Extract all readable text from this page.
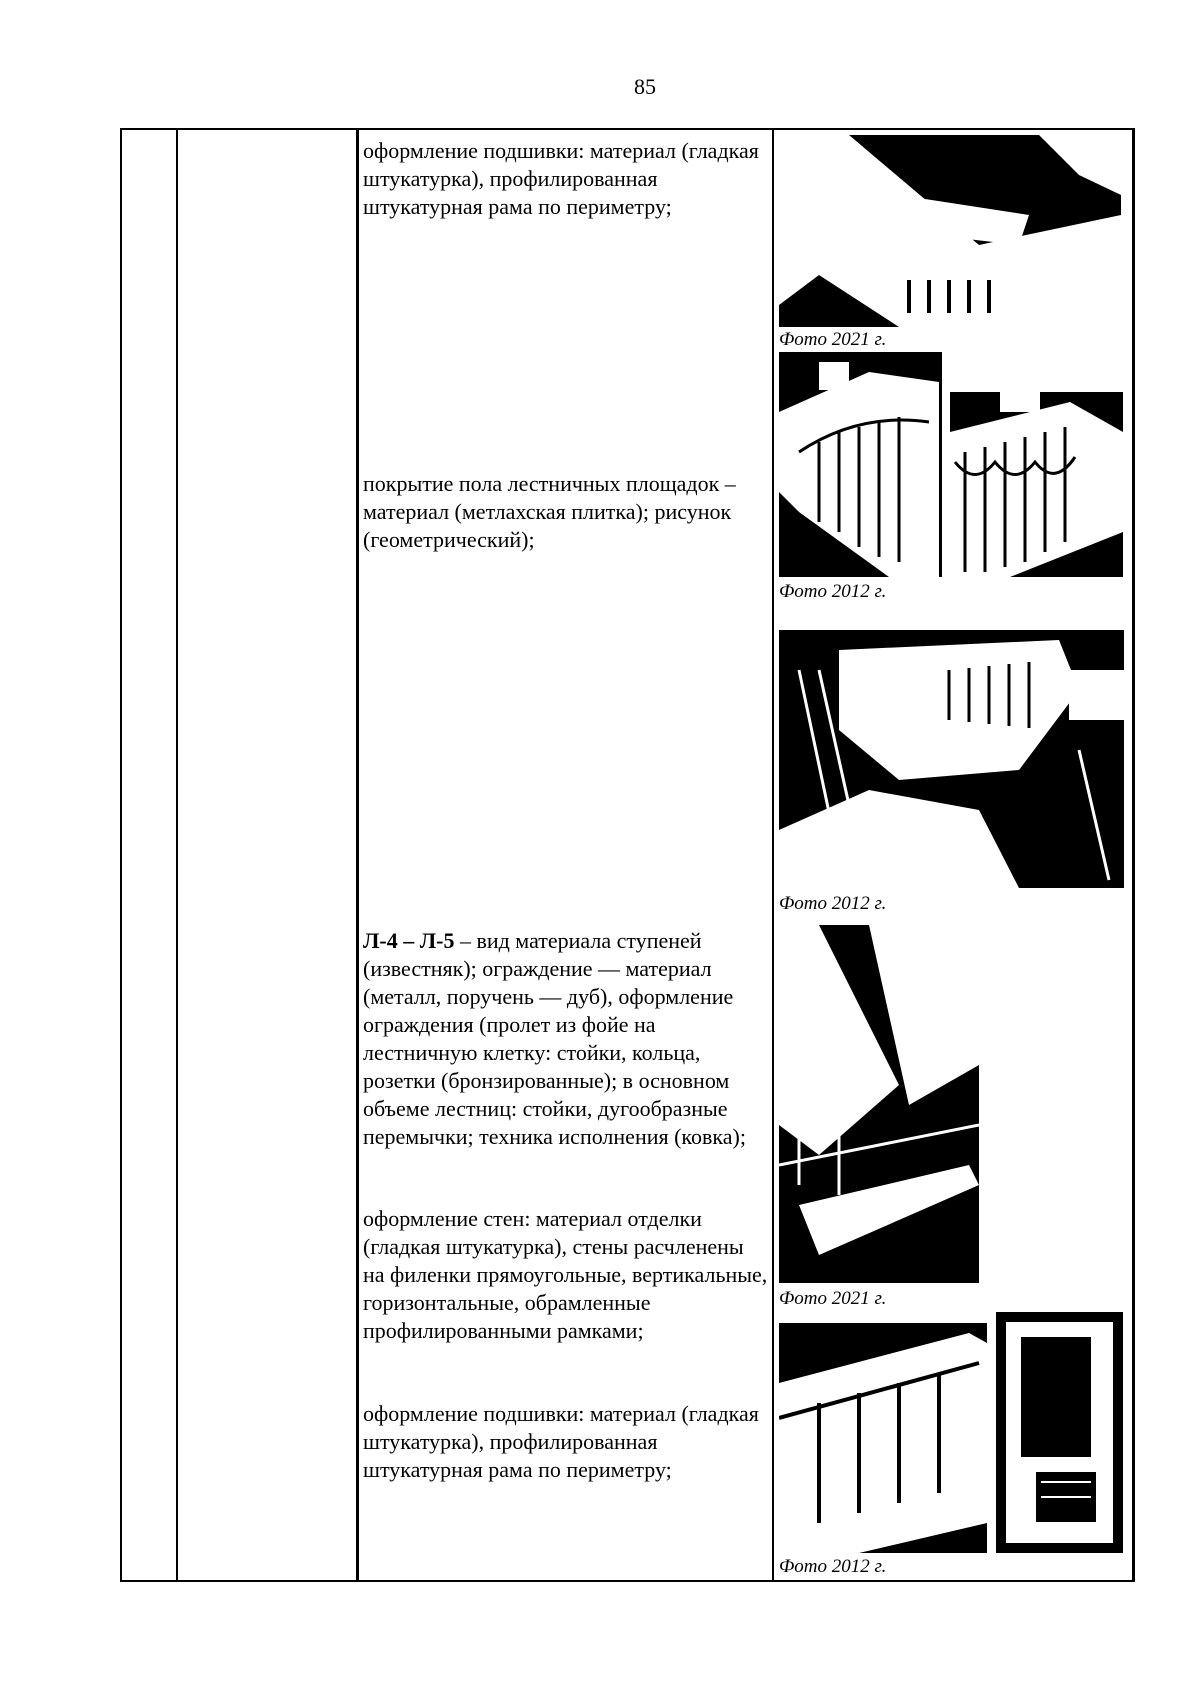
85

оформление подшивки: материал (гладкая штукатурка), профилированная штукатурная рама по периметру;

покрытие пола лестничных площадок – материал (метлахская плитка); рисунок (геометрический);

Л-4 – Л-5 – вид материала ступеней (известняк); ограждение — материал (металл, поручень — дуб), оформление ограждения (пролет из фойе на лестничную клетку: стойки, кольца, розетки (бронзированные); в основном объеме лестниц: стойки, дугообразные перемычки; техника исполнения (ковка);

оформление стен: материал отделки (гладкая штукатурка), стены расчленены на филенки прямоугольные, вертикальные, горизонтальные, обрамленные профилированными рамками;

оформление подшивки: материал (гладкая штукатурка), профилированная штукатурная рама по периметру;

Фото 2021 г.
Фото 2012 г.
Фото 2012 г.
Фото 2021 г.
Фото 2012 г.
